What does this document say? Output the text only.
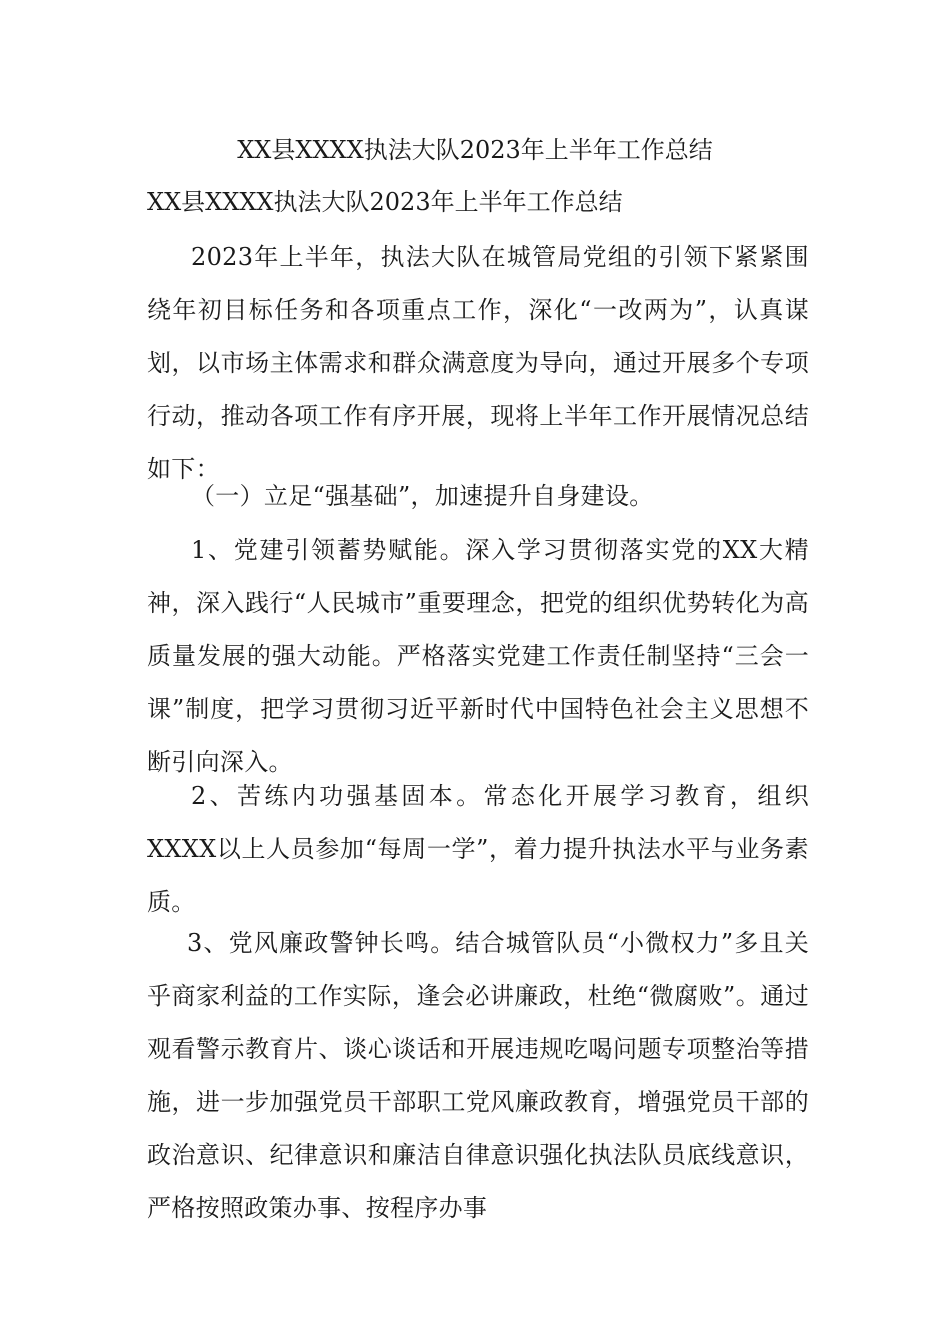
XX县XXXX执法大队2023年上半年工作总结
XX县XXXX执法大队2023年上半年工作总结

2023年上半年，执法大队在城管局党组的引领下紧紧围绕年初目标任务和各项重点工作，深化“一改两为”，认真谋划，以市场主体需求和群众满意度为导向，通过开展多个专项行动，推动各项工作有序开展，现将上半年工作开展情况总结如下：

（一）立足“强基础”，加速提升自身建设。

1、党建引领蓄势赋能。深入学习贯彻落实党的XX大精神，深入践行“人民城市”重要理念，把党的组织优势转化为高质量发展的强大动能。严格落实党建工作责任制坚持“三会一课”制度，把学习贯彻习近平新时代中国特色社会主义思想不断引向深入。

2、苦练内功强基固本。常态化开展学习教育，组织XXXX以上人员参加“每周一学”，着力提升执法水平与业务素质。

3、党风廉政警钟长鸣。结合城管队员“小微权力”多且关乎商家利益的工作实际，逢会必讲廉政，杜绝“微腐败”。通过观看警示教育片、谈心谈话和开展违规吃喝问题专项整治等措施，进一步加强党员干部职工党风廉政教育，增强党员干部的政治意识、纪律意识和廉洁自律意识强化执法队员底线意识，严格按照政策办事、按程序办事
